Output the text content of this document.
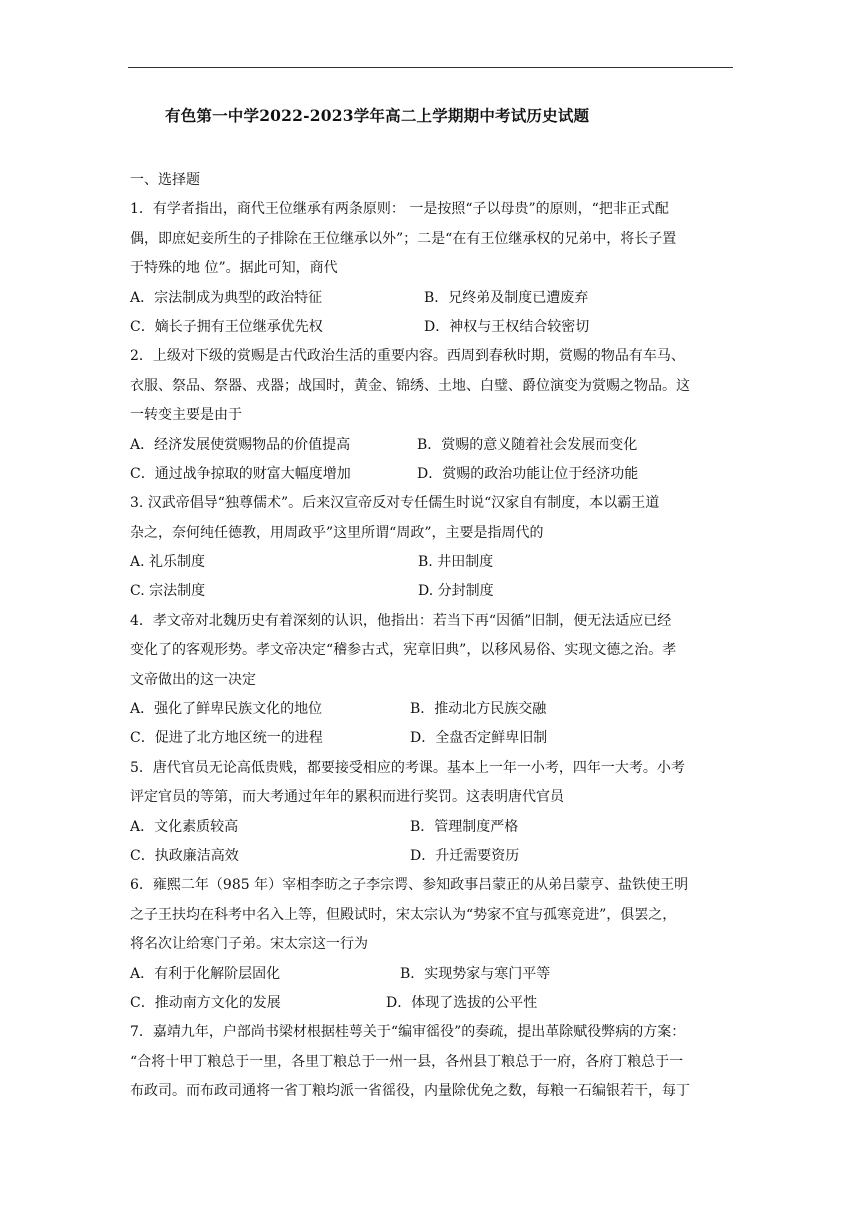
有色第一中学2022-2023学年高二上学期期中考试历史试题
一、选择题
1．有学者指出，商代王位继承有两条原则： 一是按照“子以母贵”的原则，“把非正式配
偶，即庶妃妾所生的子排除在王位继承以外”；二是“在有王位继承权的兄弟中，将长子置
于特殊的地 位”。据此可知，商代
A．宗法制成为典型的政治特征	B．兄终弟及制度已遭废弃
C．嫡长子拥有王位继承优先权	D．神权与王权结合较密切
2．上级对下级的赏赐是古代政治生活的重要内容。西周到春秋时期，赏赐的物品有车马、
衣服、祭品、祭器、戎器；战国时，黄金、锦绣、土地、白璧、爵位演变为赏赐之物品。这
一转变主要是由于
A．经济发展使赏赐物品的价值提高	B．赏赐的意义随着社会发展而变化
C．通过战争掠取的财富大幅度增加	D．赏赐的政治功能让位于经济功能
3. 汉武帝倡导“独尊儒术”。后来汉宣帝反对专任儒生时说“汉家自有制度，本以霸王道
杂之，奈何纯任德教，用周政乎”这里所谓“周政”，主要是指周代的
A. 礼乐制度	B. 井田制度
C. 宗法制度	D. 分封制度
4．孝文帝对北魏历史有着深刻的认识，他指出：若当下再“因循”旧制，便无法适应已经
变化了的客观形势。孝文帝决定“稽参古式，宪章旧典”，以移风易俗、实现文德之治。孝
文帝做出的这一决定
A．强化了鲜卑民族文化的地位	B．推动北方民族交融
C．促进了北方地区统一的进程	D．全盘否定鲜卑旧制
5．唐代官员无论高低贵贱，都要接受相应的考课。基本上一年一小考，四年一大考。小考
评定官员的等第，而大考通过年年的累积而进行奖罚。这表明唐代官员
A．文化素质较高	B．管理制度严格
C．执政廉洁高效	D．升迁需要资历
6．雍熙二年（985 年）宰相李昉之子李宗谔、参知政事吕蒙正的从弟吕蒙亨、盐铁使王明
之子王扶均在科考中名入上等，但殿试时，宋太宗认为“势家不宜与孤寒竞进”，俱罢之，
将名次让给寒门子弟。宋太宗这一行为
A．有利于化解阶层固化	B．实现势家与寒门平等
C．推动南方文化的发展	D．体现了选拔的公平性
7．嘉靖九年，户部尚书梁材根据桂萼关于“编审徭役”的奏疏，提出革除赋役弊病的方案：
“合将十甲丁粮总于一里，各里丁粮总于一州一县，各州县丁粮总于一府，各府丁粮总于一
布政司。而布政司通将一省丁粮均派一省徭役，内量除优免之数，每粮一石编银若干，每丁
